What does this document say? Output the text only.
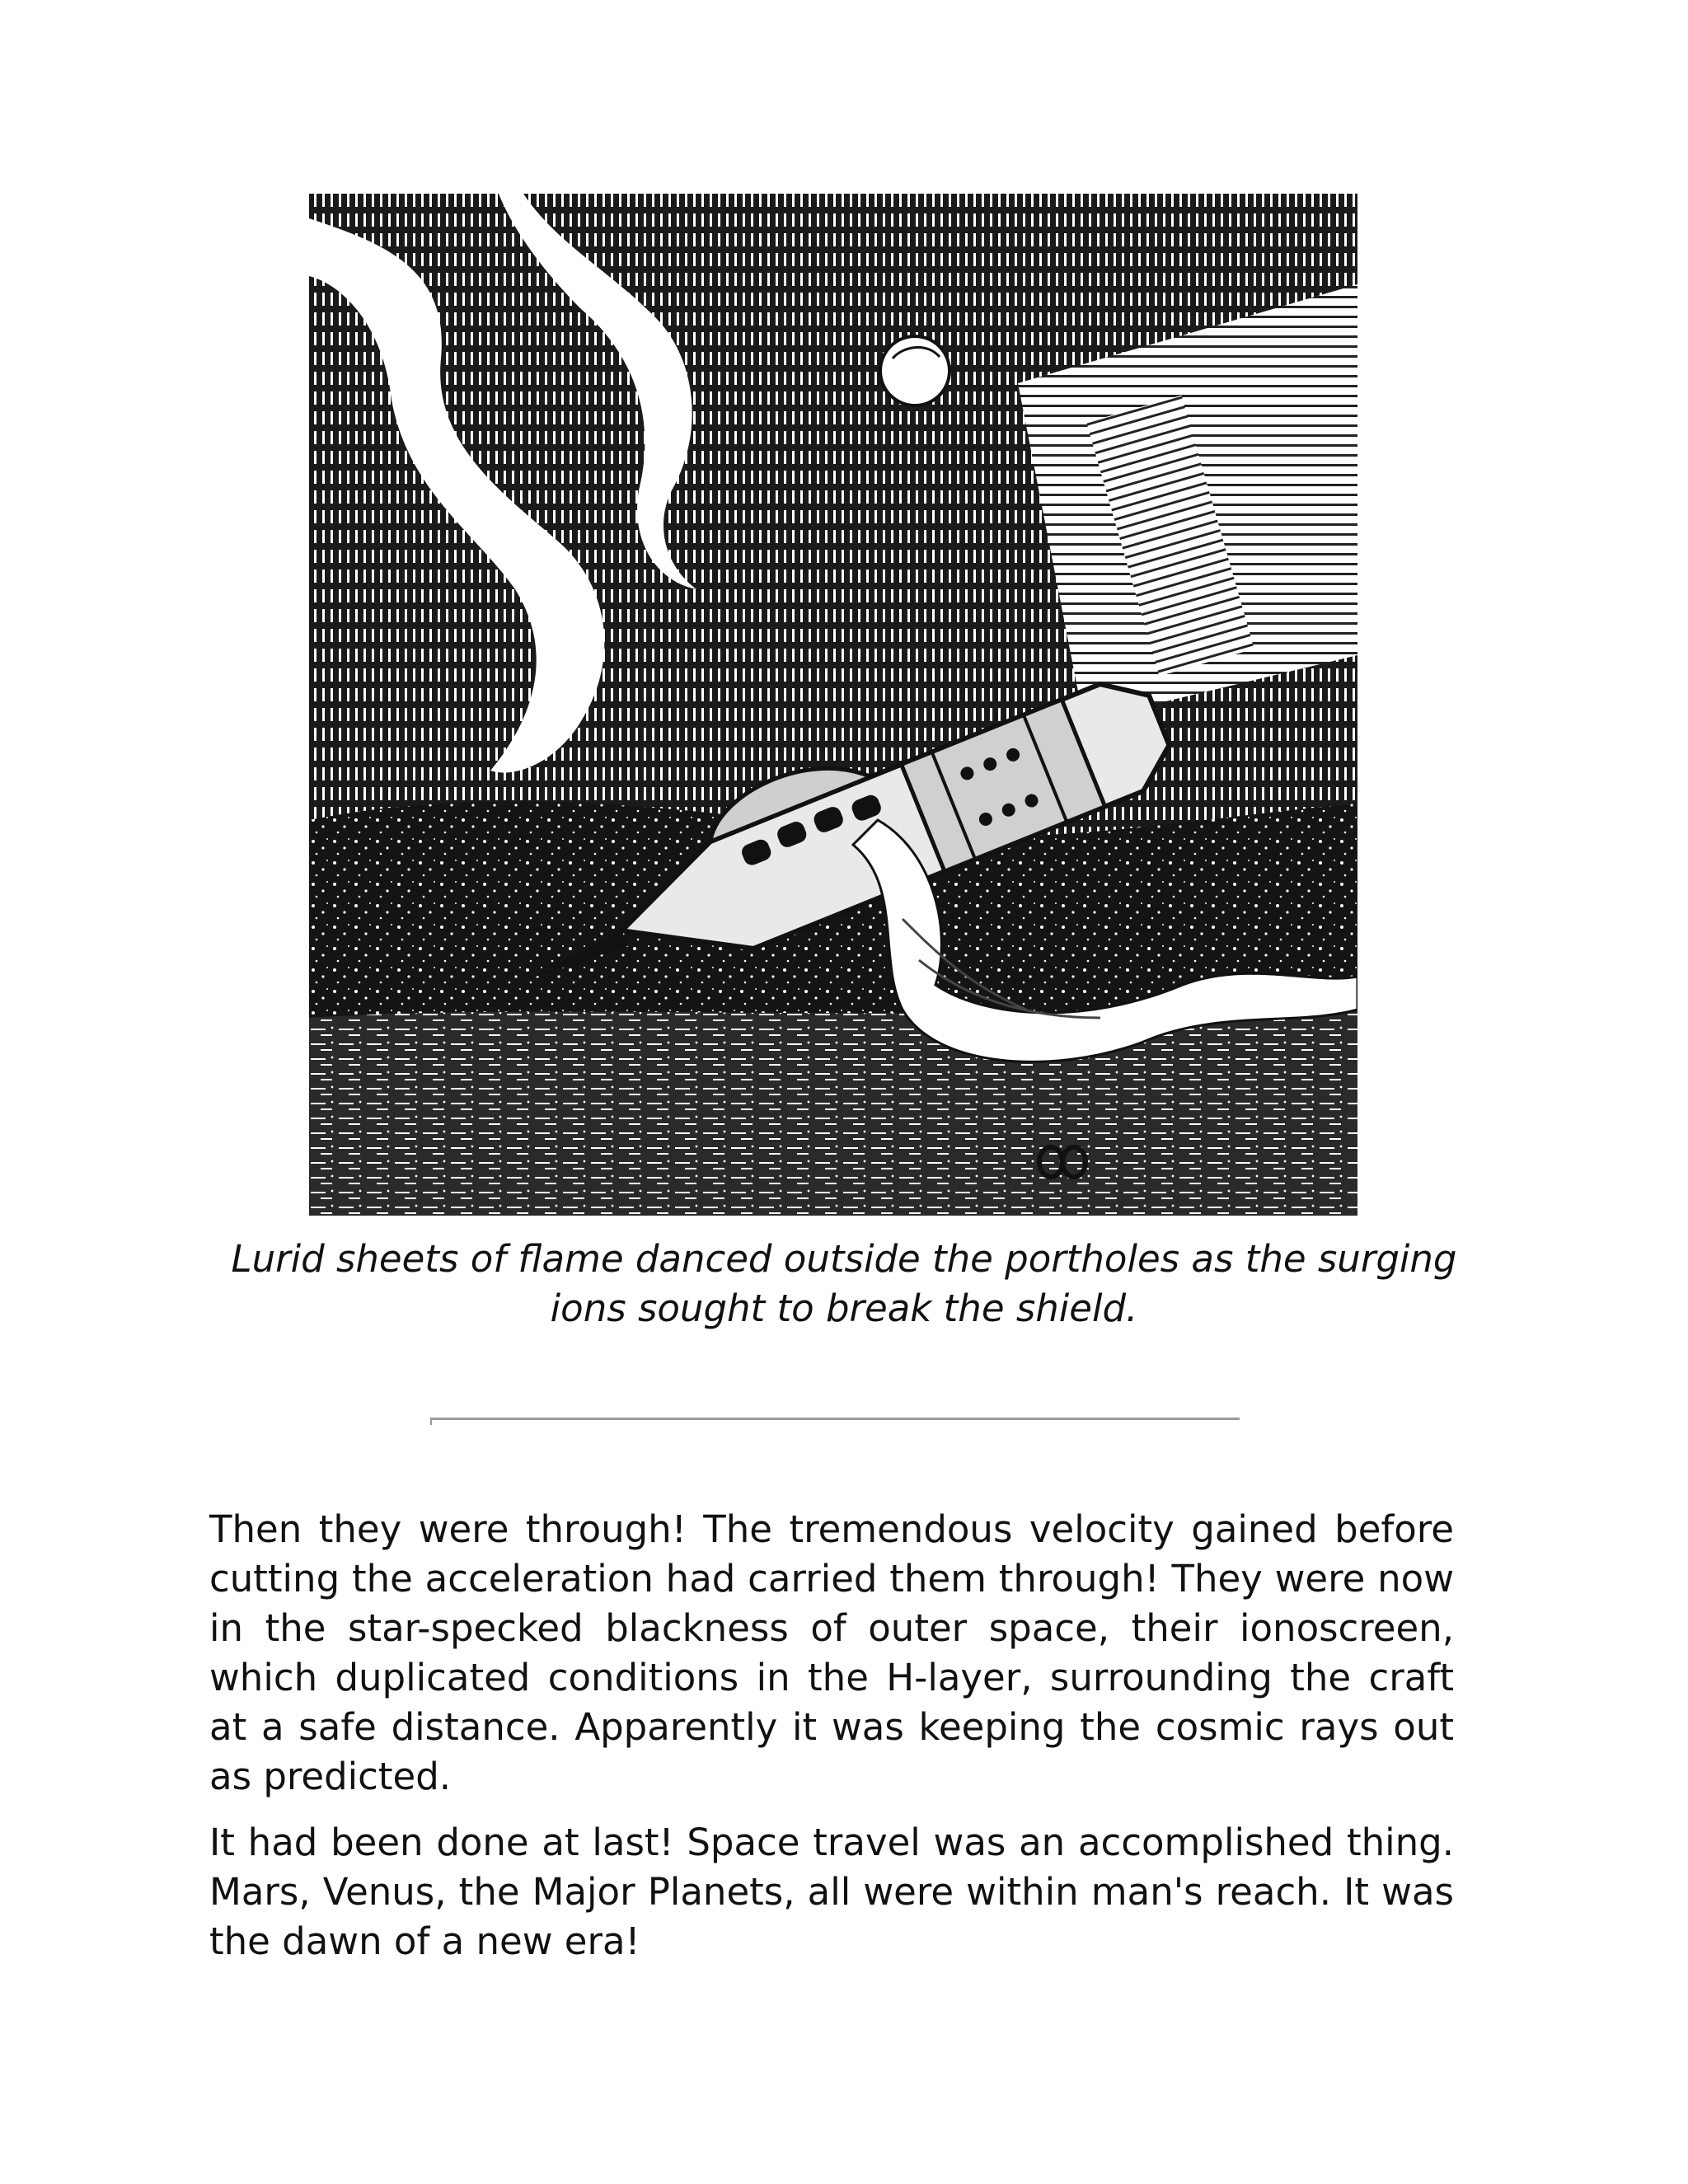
Lurid sheets of flame danced outside the portholes as the surging
ions sought to break the shield.

Then they were through! The tremendous velocity gained before cutting the acceleration had carried them through! They were now in the star-specked blackness of outer space, their ionoscreen, which duplicated conditions in the H-layer, surrounding the craft at a safe distance. Apparently it was keeping the cosmic rays out as predicted.

It had been done at last! Space travel was an accomplished thing. Mars, Venus, the Major Planets, all were within man's reach. It was the dawn of a new era!
